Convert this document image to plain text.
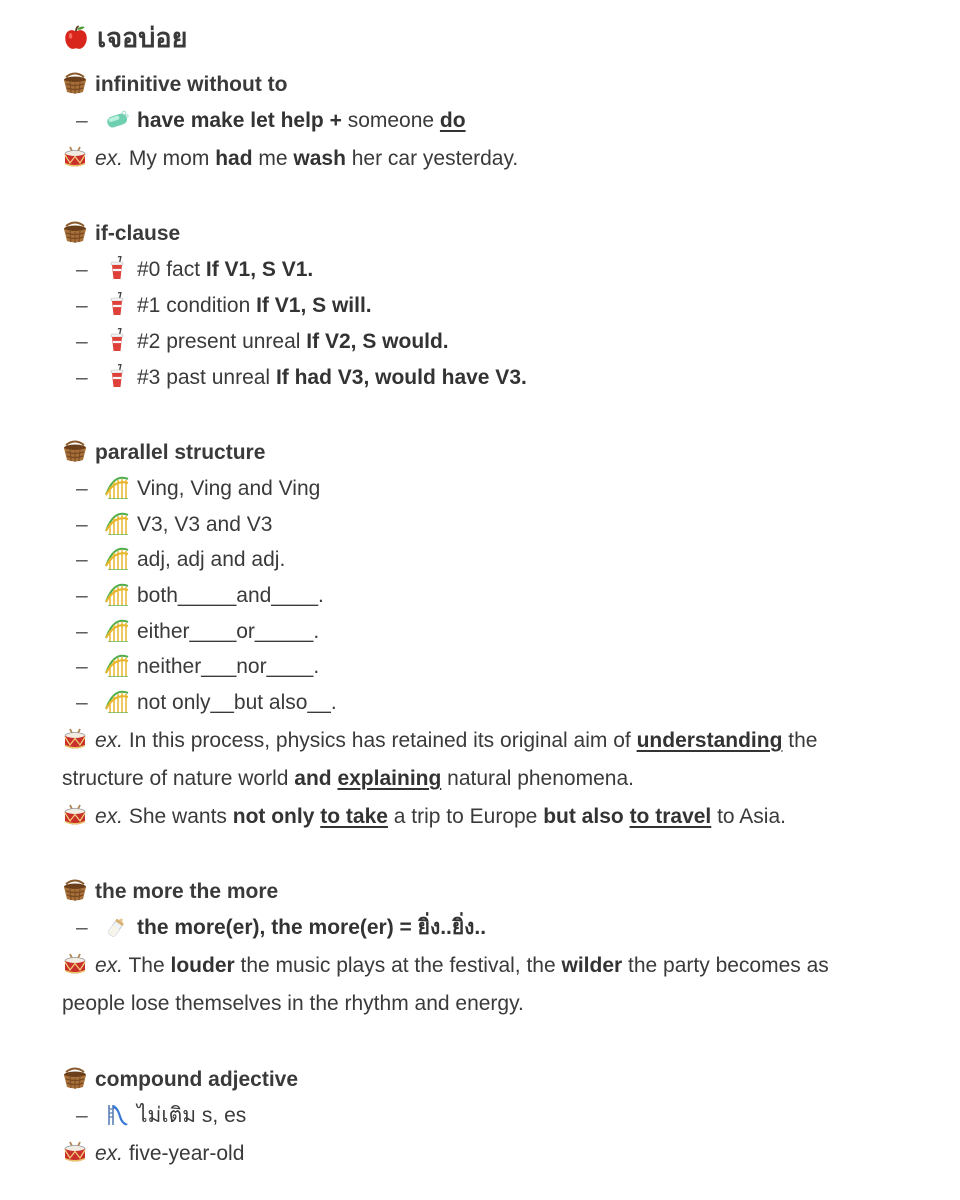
เจอบ่อย
infinitive without to
– have make let help + someone do
ex. My mom had me wash her car yesterday.
if-clause
– #0 fact If V1, S V1.
– #1 condition If V1, S will.
– #2 present unreal If V2, S would.
– #3 past unreal If had V3, would have V3.
parallel structure
– Ving, Ving and Ving
– V3, V3 and V3
– adj, adj and adj.
– both_____and____.
– either____or_____.
– neither___nor____.
– not only__but also__.
ex. In this process, physics has retained its original aim of understanding the structure of nature world and explaining natural phenomena.
ex. She wants not only to take a trip to Europe but also to travel to Asia.
the more the more
– the more(er), the more(er) = ยิ่ง..ยิ่ง..
ex. The louder the music plays at the festival, the wilder the party becomes as people lose themselves in the rhythm and energy.
compound adjective
– ไม่เติม s, es
ex. five-year-old
